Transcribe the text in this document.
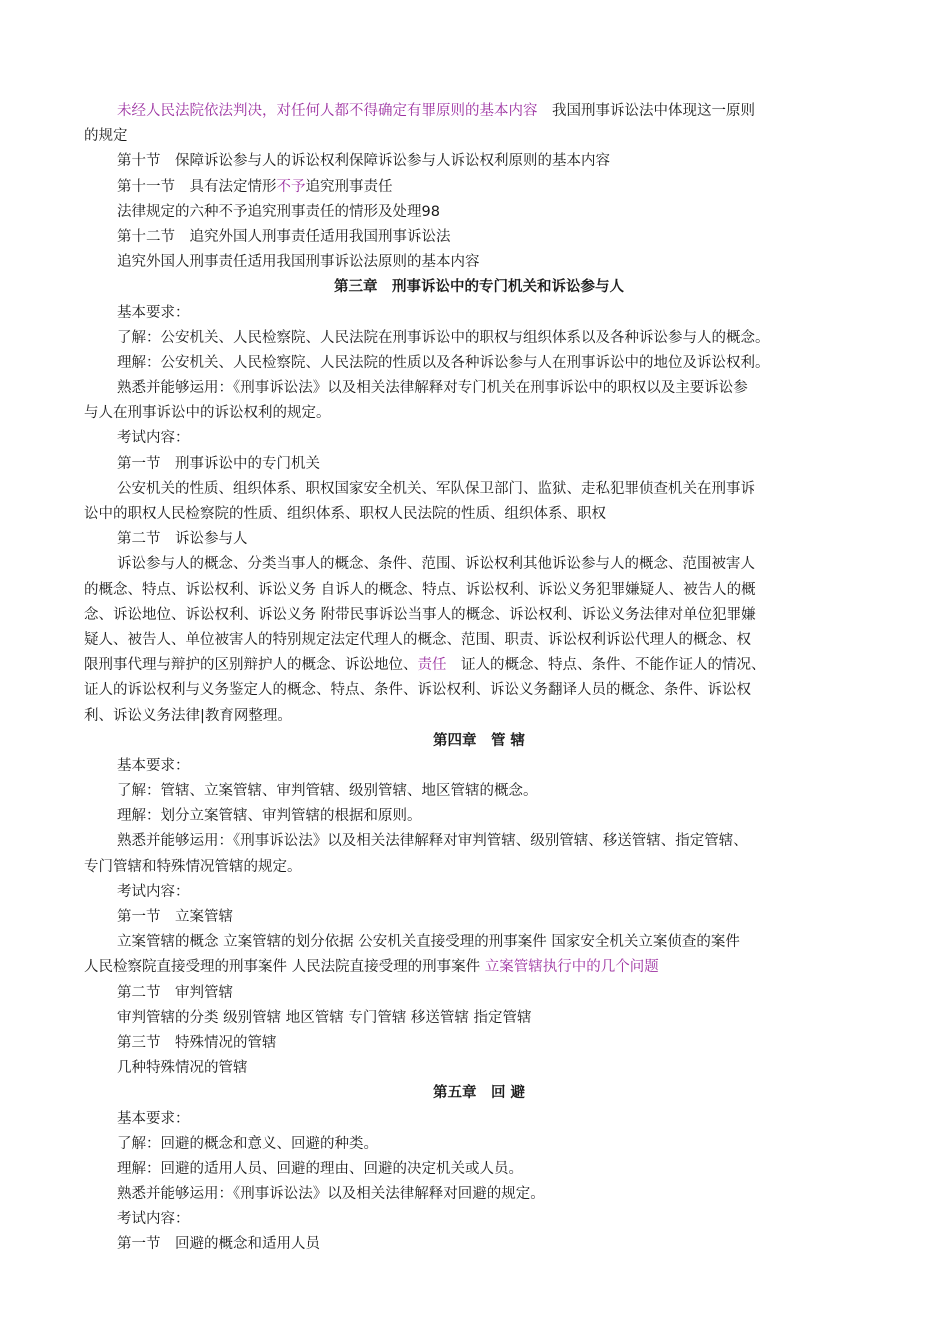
未经人民法院依法判决，对任何人都不得确定有罪原则的基本内容　我国刑事诉讼法中体现这一原则
的规定
第十节　保障诉讼参与人的诉讼权利保障诉讼参与人诉讼权利原则的基本内容
第十一节　具有法定情形不予追究刑事责任
法律规定的六种不予追究刑事责任的情形及处理98
第十二节　追究外国人刑事责任适用我国刑事诉讼法
追究外国人刑事责任适用我国刑事诉讼法原则的基本内容
第三章　刑事诉讼中的专门机关和诉讼参与人
基本要求：
了解：公安机关、人民检察院、人民法院在刑事诉讼中的职权与组织体系以及各种诉讼参与人的概念。
理解：公安机关、人民检察院、人民法院的性质以及各种诉讼参与人在刑事诉讼中的地位及诉讼权利。
熟悉并能够运用：《刑事诉讼法》以及相关法律解释对专门机关在刑事诉讼中的职权以及主要诉讼参
与人在刑事诉讼中的诉讼权利的规定。
考试内容：
第一节　刑事诉讼中的专门机关
公安机关的性质、组织体系、职权国家安全机关、军队保卫部门、监狱、走私犯罪侦查机关在刑事诉
讼中的职权人民检察院的性质、组织体系、职权人民法院的性质、组织体系、职权
第二节　诉讼参与人
诉讼参与人的概念、分类当事人的概念、条件、范围、诉讼权利其他诉讼参与人的概念、范围被害人
的概念、特点、诉讼权利、诉讼义务 自诉人的概念、特点、诉讼权利、诉讼义务犯罪嫌疑人、被告人的概
念、诉讼地位、诉讼权利、诉讼义务 附带民事诉讼当事人的概念、诉讼权利、诉讼义务法律对单位犯罪嫌
疑人、被告人、单位被害人的特别规定法定代理人的概念、范围、职责、诉讼权利诉讼代理人的概念、权
限刑事代理与辩护的区别辩护人的概念、诉讼地位、责任　证人的概念、特点、条件、不能作证人的情况、
证人的诉讼权利与义务鉴定人的概念、特点、条件、诉讼权利、诉讼义务翻译人员的概念、条件、诉讼权
利、诉讼义务法律|教育网整理。
第四章　管 辖
基本要求：
了解：管辖、立案管辖、审判管辖、级别管辖、地区管辖的概念。
理解：划分立案管辖、审判管辖的根据和原则。
熟悉并能够运用：《刑事诉讼法》以及相关法律解释对审判管辖、级别管辖、移送管辖、指定管辖、
专门管辖和特殊情况管辖的规定。
考试内容：
第一节　立案管辖
立案管辖的概念 立案管辖的划分依据 公安机关直接受理的刑事案件 国家安全机关立案侦查的案件
人民检察院直接受理的刑事案件 人民法院直接受理的刑事案件 立案管辖执行中的几个问题
第二节　审判管辖
审判管辖的分类 级别管辖 地区管辖 专门管辖 移送管辖 指定管辖
第三节　特殊情况的管辖
几种特殊情况的管辖
第五章　回 避
基本要求：
了解：回避的概念和意义、回避的种类。
理解：回避的适用人员、回避的理由、回避的决定机关或人员。
熟悉并能够运用：《刑事诉讼法》以及相关法律解释对回避的规定。
考试内容：
第一节　回避的概念和适用人员
